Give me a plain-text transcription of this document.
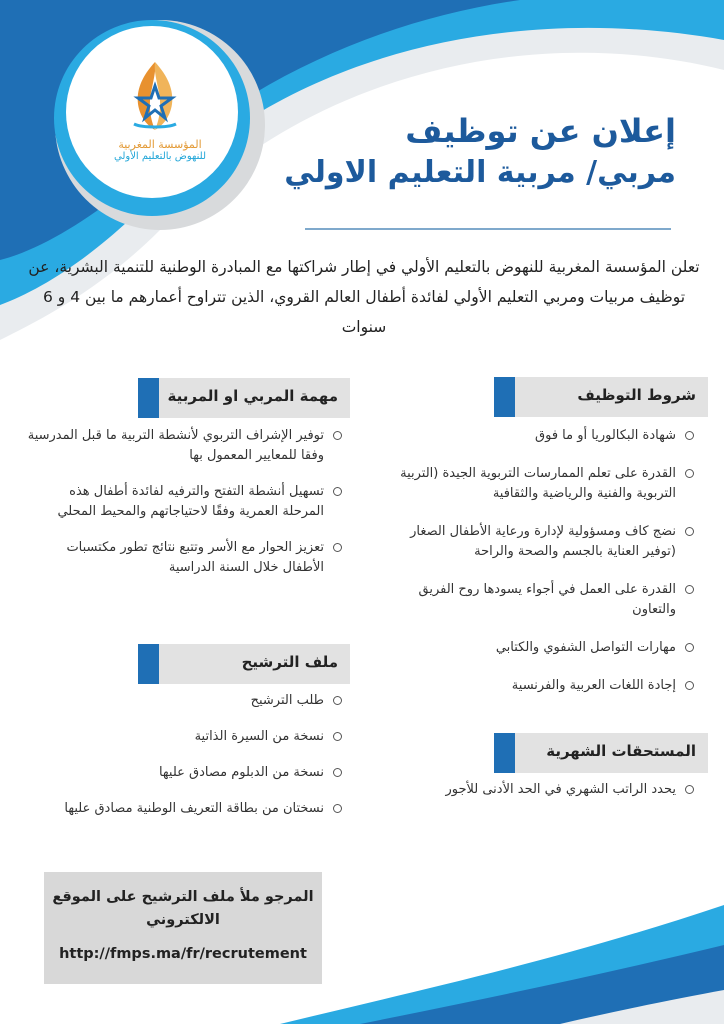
المؤسسة المغربية
للنهوض بالتعليم الأولي
إعلان عن توظيف
مربي/ مربية التعليم الاولي
تعلن المؤسسة المغربية للنهوض بالتعليم الأولي في إطار شراكتها مع المبادرة الوطنية للتنمية البشرية، عن توظيف مربيات ومربي التعليم الأولي لفائدة أطفال العالم القروي، الذين تتراوح أعمارهم ما بين 4 و 6 سنوات
شروط التوظيف
شهادة البكالوريا أو ما فوق
القدرة على تعلم الممارسات التربوية الجيدة (التربية التربوية والفنية والرياضية والثقافية
نضج كاف ومسؤولية لإدارة ورعاية الأطفال الصغار (توفير العناية بالجسم والصحة والراحة
القدرة على العمل في أجواء يسودها روح الفريق والتعاون
مهارات التواصل الشفوي والكتابي
إجادة اللغات العربية والفرنسية
المستحقات الشهرية
يحدد الراتب الشهري في الحد الأدنى للأجور
مهمة المربي او المربية
توفير الإشراف التربوي لأنشطة التربية ما قبل المدرسية وفقا للمعايير المعمول بها
تسهيل أنشطة التفتح والترفيه لفائدة أطفال هذه المرحلة العمرية وفقًا لاحتياجاتهم والمحيط المحلي
تعزيز الحوار مع الأسر وتتبع نتائج تطور مكتسبات الأطفال خلال السنة الدراسية
ملف الترشيح
طلب الترشيح
نسخة من السيرة الذاتية
نسخة من الدبلوم مصادق عليها
نسختان من بطاقة التعريف الوطنية مصادق عليها
المرجو ملأ ملف الترشيح على الموقع الالكتروني
http://fmps.ma/fr/recrutement
